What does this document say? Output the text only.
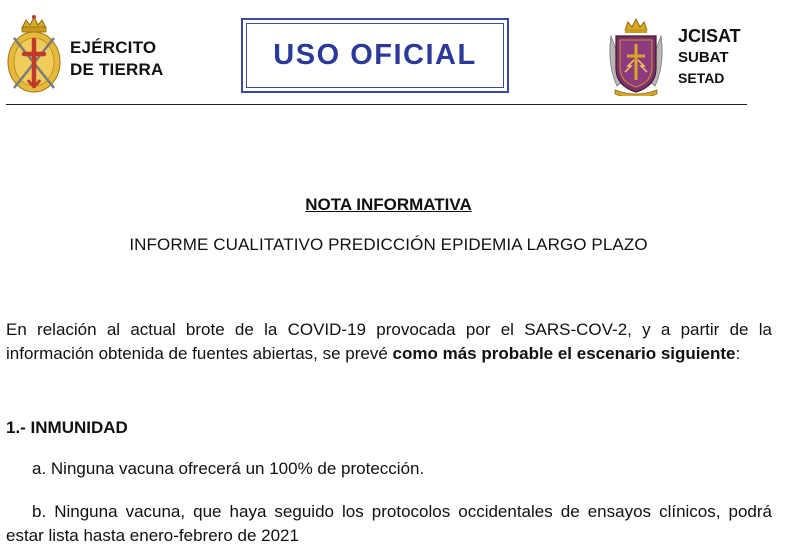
EJÉRCITO
DE TIERRA	USO OFICIAL
JCISAT
SUBAT
SETAD
NOTA INFORMATIVA
INFORME CUALITATIVO PREDICCIÓN EPIDEMIA LARGO PLAZO

En relación al actual brote de la COVID-19 provocada por el SARS-COV-2, y a partir de la información obtenida de fuentes abiertas, se prevé como más probable el escenario siguiente:

1.- INMUNIDAD

a. Ninguna vacuna ofrecerá un 100% de protección.

b. Ninguna vacuna, que haya seguido los protocolos occidentales de ensayos clínicos, podrá estar lista hasta enero-febrero de 2021
